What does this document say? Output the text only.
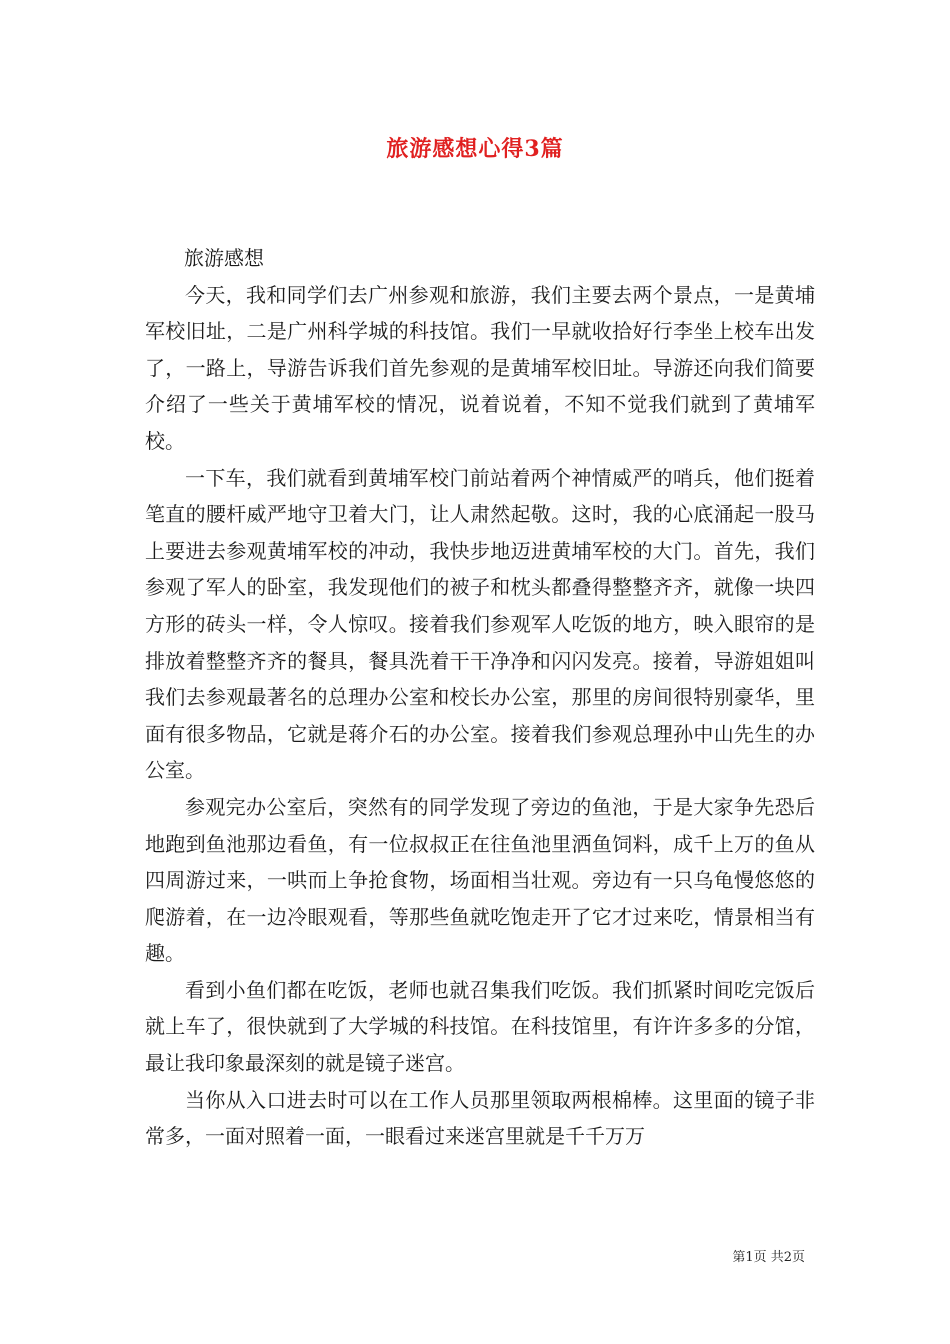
旅游感想心得3篇

旅游感想

今天，我和同学们去广州参观和旅游，我们主要去两个景点，一是黄埔军校旧址，二是广州科学城的科技馆。我们一早就收拾好行李坐上校车出发了，一路上，导游告诉我们首先参观的是黄埔军校旧址。导游还向我们简要介绍了一些关于黄埔军校的情况，说着说着，不知不觉我们就到了黄埔军校。

一下车，我们就看到黄埔军校门前站着两个神情威严的哨兵，他们挺着笔直的腰杆威严地守卫着大门，让人肃然起敬。这时，我的心底涌起一股马上要进去参观黄埔军校的冲动，我快步地迈进黄埔军校的大门。首先，我们参观了军人的卧室，我发现他们的被子和枕头都叠得整整齐齐，就像一块四方形的砖头一样，令人惊叹。接着我们参观军人吃饭的地方，映入眼帘的是排放着整整齐齐的餐具，餐具洗着干干净净和闪闪发亮。接着，导游姐姐叫我们去参观最著名的总理办公室和校长办公室，那里的房间很特别豪华，里面有很多物品，它就是蒋介石的办公室。接着我们参观总理孙中山先生的办公室。

参观完办公室后，突然有的同学发现了旁边的鱼池，于是大家争先恐后地跑到鱼池那边看鱼，有一位叔叔正在往鱼池里洒鱼饲料，成千上万的鱼从四周游过来，一哄而上争抢食物，场面相当壮观。旁边有一只乌龟慢悠悠的爬游着，在一边冷眼观看，等那些鱼就吃饱走开了它才过来吃，情景相当有趣。

看到小鱼们都在吃饭，老师也就召集我们吃饭。我们抓紧时间吃完饭后就上车了，很快就到了大学城的科技馆。在科技馆里，有许许多多的分馆，最让我印象最深刻的就是镜子迷宫。

当你从入口进去时可以在工作人员那里领取两根棉棒。这里面的镜子非常多，一面对照着一面，一眼看过来迷宫里就是千千万万

第1页 共2页
